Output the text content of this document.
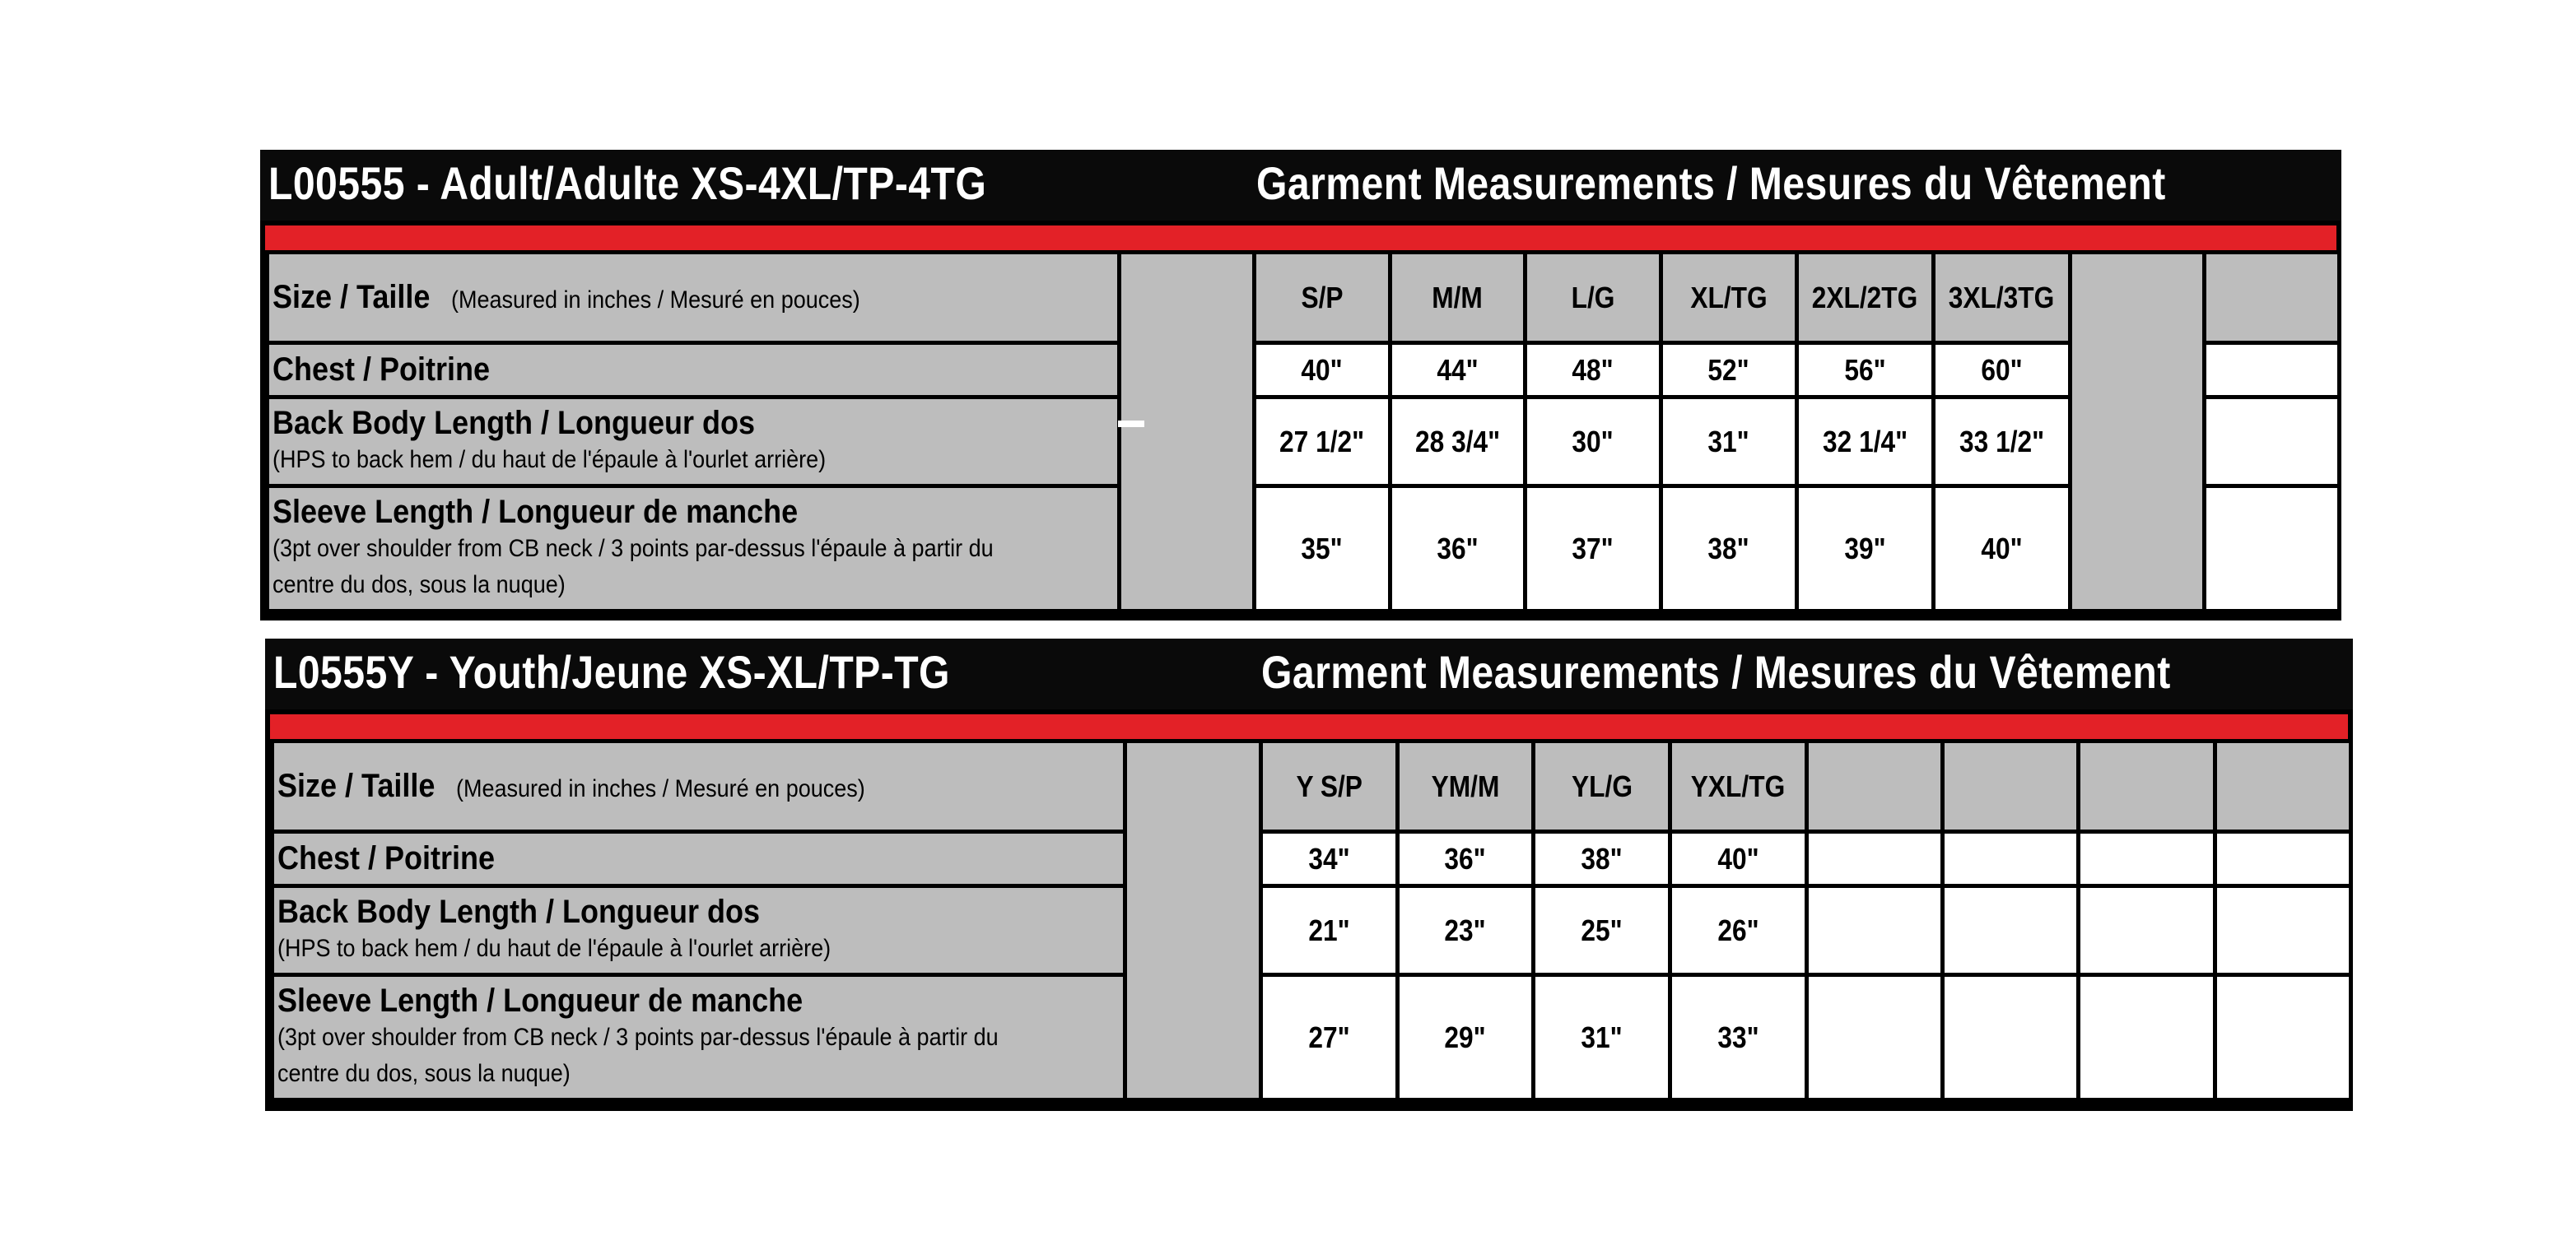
L00555 - Adult/Adulte XS-4XL/TP-4TG	Garment Measurements / Mesures du Vêtement
Size / Taille (Measured in inches / Mesuré en pouces)		S/P	M/M	L/G	XL/TG	2XL/2TG	3XL/3TG		
Chest / Poitrine		40"	44"	48"	52"	56"	60"		

Back Body Length / Longueur dos
(HPS to back hem / du haut de l'épaule à l'ourlet arrière)		27 1/2"	28 3/4"	30"	31"	32 1/4"	33 1/2"		

Sleeve Length / Longueur de manche
(3pt over shoulder from CB neck / 3 points par-dessus l'épaule à partir du
centre du dos, sous la nuque)		35"	36"	37"	38"	39"	40"		
L0555Y - Youth/Jeune XS-XL/TP-TG	Garment Measurements / Mesures du Vêtement
Size / Taille (Measured in inches / Mesuré en pouces)		Y S/P	YM/M	YL/G	YXL/TG				
Chest / Poitrine		34"	36"	38"	40"				

Back Body Length / Longueur dos
(HPS to back hem / du haut de l'épaule à l'ourlet arrière)		21"	23"	25"	26"				

Sleeve Length / Longueur de manche
(3pt over shoulder from CB neck / 3 points par-dessus l'épaule à partir du
centre du dos, sous la nuque)		27"	29"	31"	33"				
